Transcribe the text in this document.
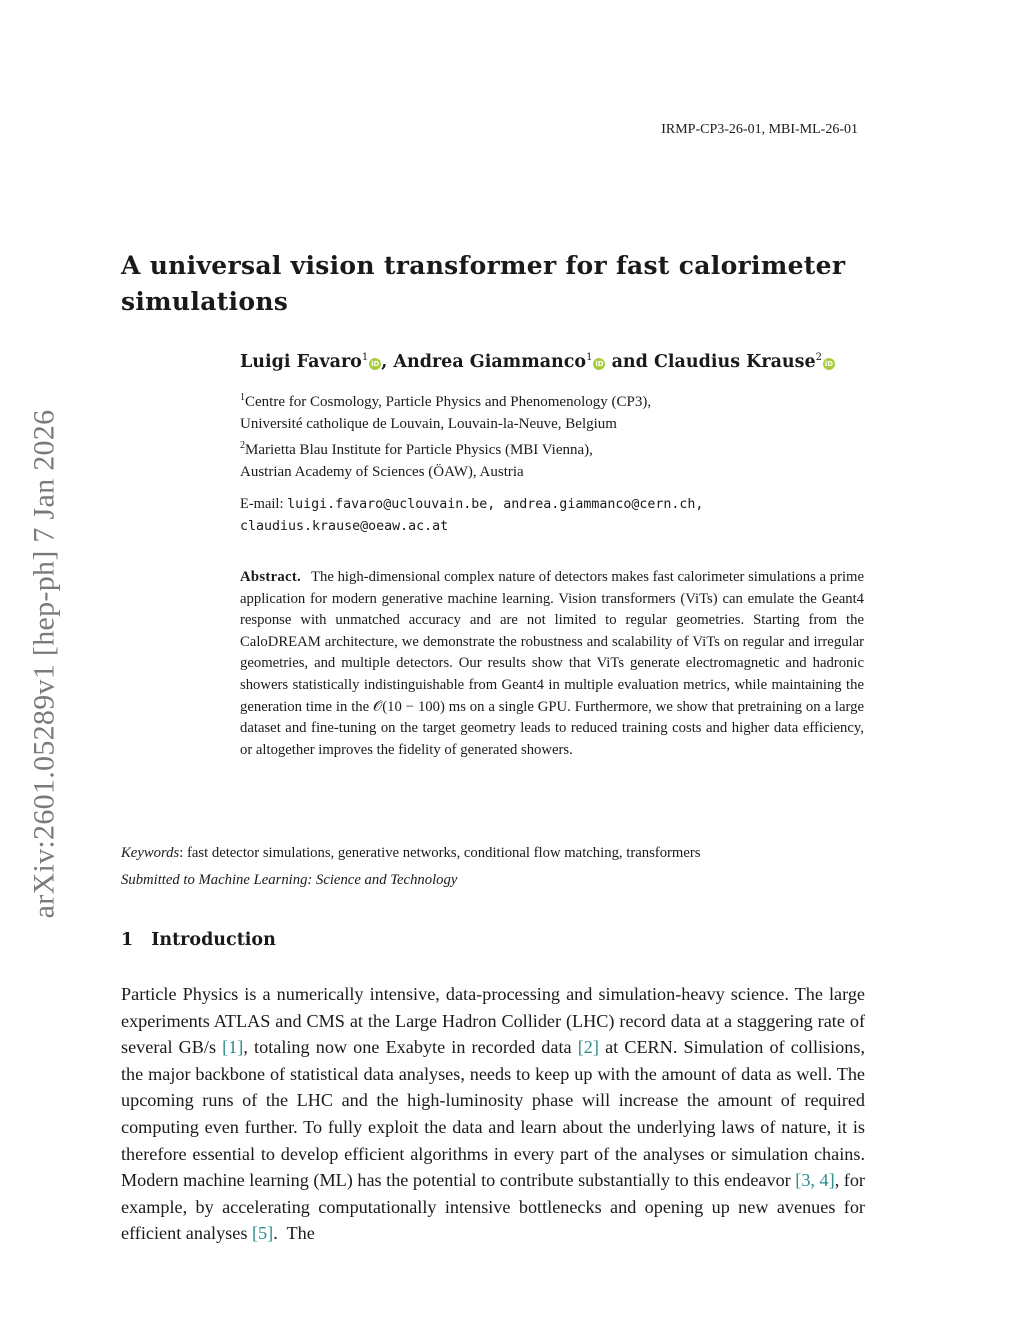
IRMP-CP3-26-01, MBI-ML-26-01
arXiv:2601.05289v1 [hep-ph] 7 Jan 2026
A universal vision transformer for fast calorimeter simulations
Luigi Favaro$^1$iD , Andrea Giammanco$^1$iD and Claudius Krause$^2$iD
$^1$Centre for Cosmology, Particle Physics and Phenomenology (CP3),
Université catholique de Louvain, Louvain-la-Neuve, Belgium
$^2$Marietta Blau Institute for Particle Physics (MBI Vienna),
Austrian Academy of Sciences (ÖAW), Austria
E-mail: luigi.favaro@uclouvain.be, andrea.giammanco@cern.ch,
claudius.krause@oeaw.ac.at

Abstract. The high-dimensional complex nature of detectors makes fast calorimeter simulations a prime application for modern generative machine learning. Vision transformers (ViTs) can emulate the Geant4 response with unmatched accuracy and are not limited to regular geometries. Starting from the CaloDREAM architecture, we demonstrate the robustness and scalability of ViTs on regular and irregular geometries, and multiple detectors. Our results show that ViTs generate electromagnetic and hadronic showers statistically indistinguishable from Geant4 in multiple evaluation metrics, while maintaining the generation time in the 𝒪(10 − 100) ms on a single GPU. Furthermore, we show that pretraining on a large dataset and fine-tuning on the target geometry leads to reduced training costs and higher data efficiency, or altogether improves the fidelity of generated showers.

Keywords: fast detector simulations, generative networks, conditional flow matching, transformers
Submitted to Machine Learning: Science and Technology
1 Introduction

Particle Physics is a numerically intensive, data-processing and simulation-heavy science. The large experiments ATLAS and CMS at the Large Hadron Collider (LHC) record data at a staggering rate of several GB/s [1], totaling now one Exabyte in recorded data [2] at CERN. Simulation of collisions, the major backbone of statistical data analyses, needs to keep up with the amount of data as well. The upcoming runs of the LHC and the high-luminosity phase will increase the amount of required computing even further. To fully exploit the data and learn about the underlying laws of nature, it is therefore essential to develop efficient algorithms in every part of the analyses or simulation chains. Modern machine learning (ML) has the potential to contribute substantially to this endeavor [3, 4], for example, by accelerating computationally intensive bottlenecks and opening up new avenues for efficient analyses [5].  The
